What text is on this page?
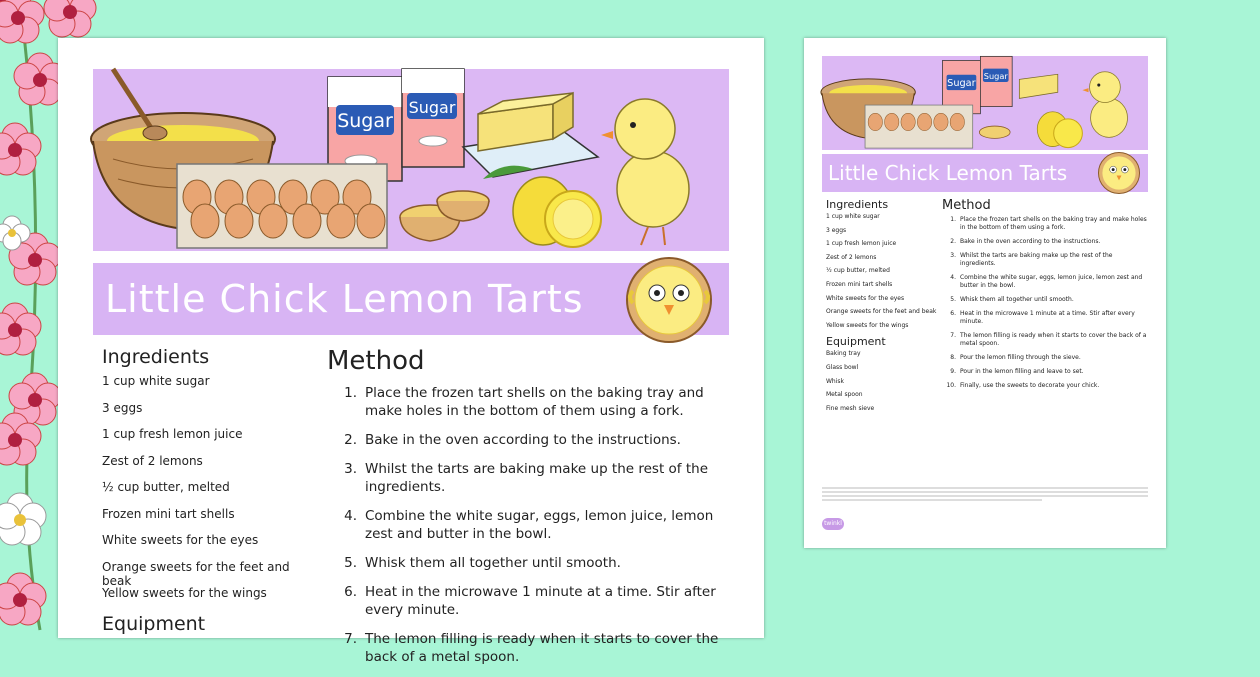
Sugar
Sugar
Little Chick Lemon Tarts
Ingredients
1 cup white sugar
3 eggs
1 cup fresh lemon juice
Zest of 2 lemons
½ cup butter, melted
Frozen mini tart shells
White sweets for the eyes
Orange sweets for the feet and beak
Yellow sweets for the wings
Equipment
Method
1. Place the frozen tart shells on the baking tray and make holes in the bottom of them using a fork.
2. Bake in the oven according to the instructions.
3. Whilst the tarts are baking make up the rest of the ingredients.
4. Combine the white sugar, eggs, lemon juice, lemon zest and butter in the bowl.
5. Whisk them all together until smooth.
6. Heat in the microwave 1 minute at a time. Stir after every minute.
7. The lemon filling is ready when it starts to cover the back of a metal spoon.
Sugar
Sugar
Little Chick Lemon Tarts
Ingredients
1 cup white sugar
3 eggs
1 cup fresh lemon juice
Zest of 2 lemons
½ cup butter, melted
Frozen mini tart shells
White sweets for the eyes
Orange sweets for the feet and beak
Yellow sweets for the wings
Equipment
Baking tray
Glass bowl
Whisk
Metal spoon
Fine mesh sieve
Method
1. Place the frozen tart shells on the baking tray and make holes in the bottom of them using a fork.
2. Bake in the oven according to the instructions.
3. Whilst the tarts are baking make up the rest of the ingredients.
4. Combine the white sugar, eggs, lemon juice, lemon zest and butter in the bowl.
5. Whisk them all together until smooth.
6. Heat in the microwave 1 minute at a time. Stir after every minute.
7. The lemon filling is ready when it starts to cover the back of a metal spoon.
8. Pour the lemon filling through the sieve.
9. Pour in the lemon filling and leave to set.
10. Finally, use the sweets to decorate your chick.
twinkl
